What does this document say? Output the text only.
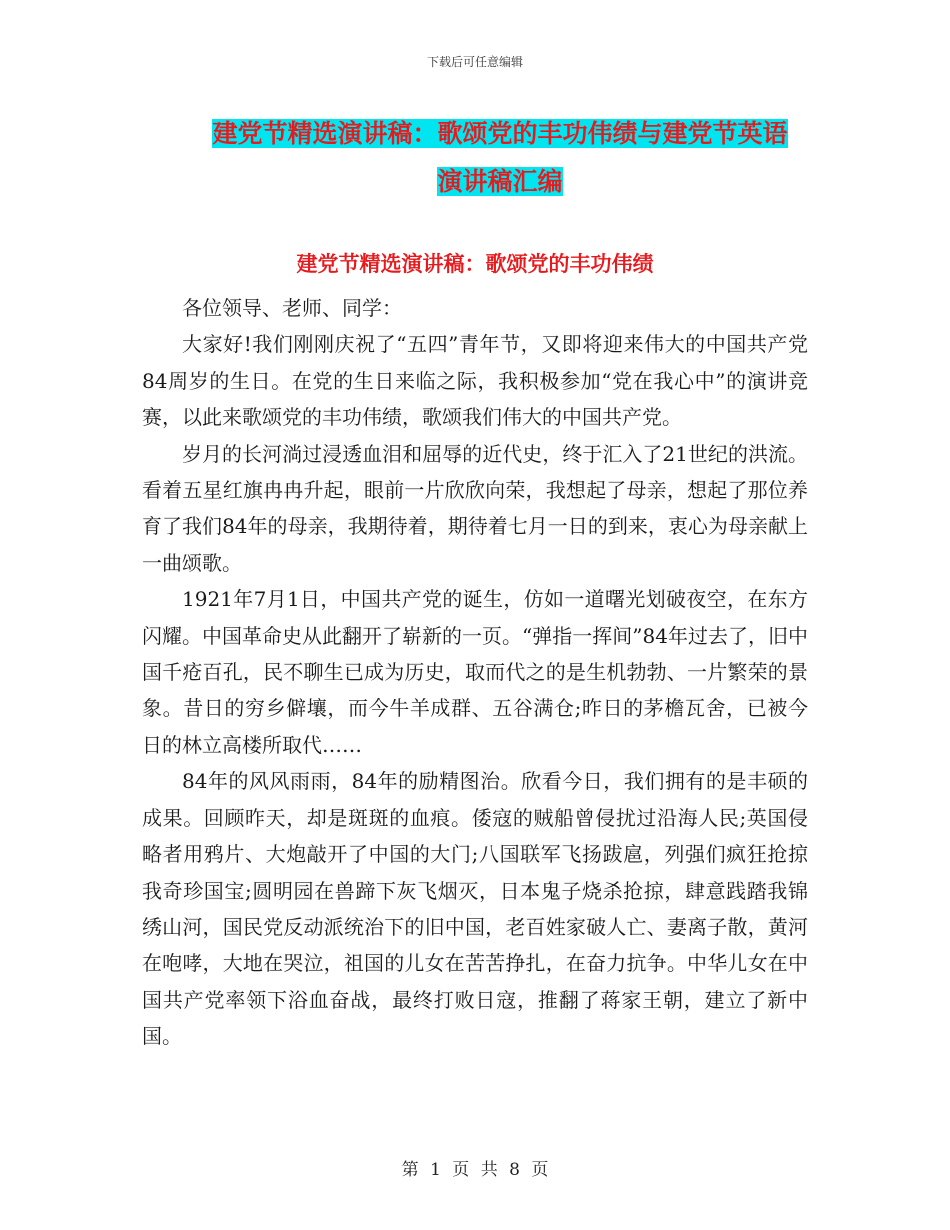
下载后可任意编辑
建党节精选演讲稿：歌颂党的丰功伟绩与建党节英语
演讲稿汇编
建党节精选演讲稿：歌颂党的丰功伟绩

各位领导、老师、同学：

大家好!我们刚刚庆祝了“五四”青年节，又即将迎来伟大的中国共产党84周岁的生日。在党的生日来临之际，我积极参加“党在我心中”的演讲竞赛，以此来歌颂党的丰功伟绩，歌颂我们伟大的中国共产党。

岁月的长河淌过浸透血泪和屈辱的近代史，终于汇入了21世纪的洪流。看着五星红旗冉冉升起，眼前一片欣欣向荣，我想起了母亲，想起了那位养育了我们84年的母亲，我期待着，期待着七月一日的到来，衷心为母亲献上一曲颂歌。

1921年7月1日，中国共产党的诞生，仿如一道曙光划破夜空，在东方闪耀。中国革命史从此翻开了崭新的一页。“弹指一挥间”84年过去了，旧中国千疮百孔，民不聊生已成为历史，取而代之的是生机勃勃、一片繁荣的景象。昔日的穷乡僻壤，而今牛羊成群、五谷满仓;昨日的茅檐瓦舍，已被今日的林立高楼所取代……

84年的风风雨雨，84年的励精图治。欣看今日，我们拥有的是丰硕的成果。回顾昨天，却是斑斑的血痕。倭寇的贼船曾侵扰过沿海人民;英国侵略者用鸦片、大炮敲开了中国的大门;八国联军飞扬跋扈，列强们疯狂抢掠我奇珍国宝;圆明园在兽蹄下灰飞烟灭，日本鬼子烧杀抢掠，肆意践踏我锦绣山河，国民党反动派统治下的旧中国，老百姓家破人亡、妻离子散，黄河在咆哮，大地在哭泣，祖国的儿女在苦苦挣扎，在奋力抗争。中华儿女在中国共产党率领下浴血奋战，最终打败日寇，推翻了蒋家王朝，建立了新中国。

第 1 页 共 8 页
